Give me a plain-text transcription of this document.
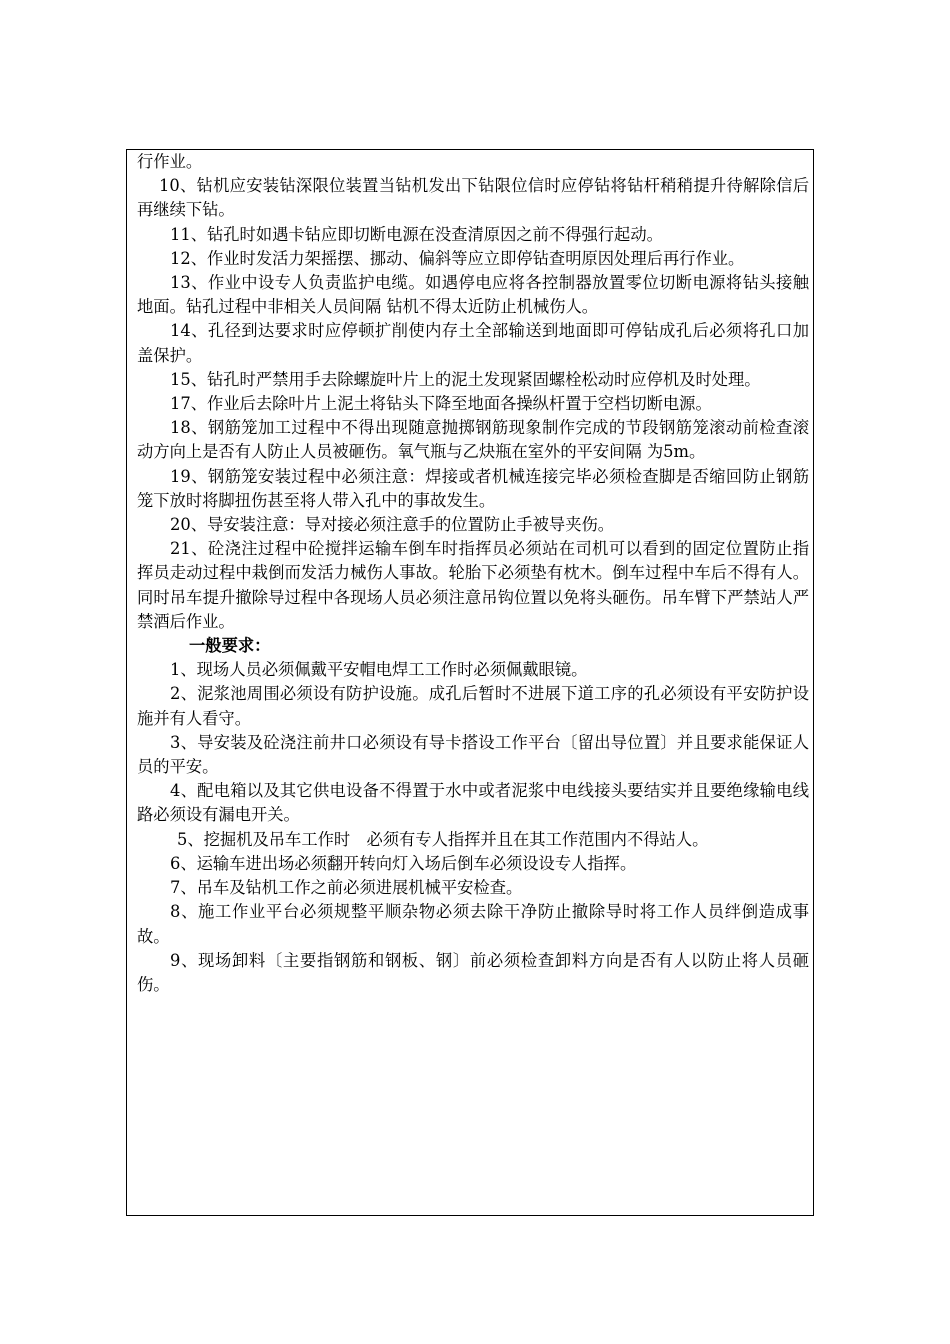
行作业。

10、钻机应安装钻深限位装置当钻机发出下钻限位信时应停钻将钻杆稍稍提升待解除信后再继续下钻。

11、钻孔时如遇卡钻应即切断电源在没查清原因之前不得强行起动。

12、作业时发活力架摇摆、挪动、偏斜等应立即停钻查明原因处理后再行作业。

13、作业中设专人负责监护电缆。如遇停电应将各控制器放置零位切断电源将钻头接触地面。钻孔过程中非相关人员间隔 钻机不得太近防止机械伤人。

14、孔径到达要求时应停顿扩削使内存土全部输送到地面即可停钻成孔后必须将孔口加盖保护。

15、钻孔时严禁用手去除螺旋叶片上的泥土发现紧固螺栓松动时应停机及时处理。

17、作业后去除叶片上泥土将钻头下降至地面各操纵杆置于空档切断电源。

18、钢筋笼加工过程中不得出现随意抛掷钢筋现象制作完成的节段钢筋笼滚动前检查滚动方向上是否有人防止人员被砸伤。氧气瓶与乙炔瓶在室外的平安间隔 为5m。

19、钢筋笼安装过程中必须注意：焊接或者机械连接完毕必须检查脚是否缩回防止钢筋笼下放时将脚扭伤甚至将人带入孔中的事故发生。

20、导安装注意：导对接必须注意手的位置防止手被导夹伤。

21、砼浇注过程中砼搅拌运输车倒车时指挥员必须站在司机可以看到的固定位置防止指挥员走动过程中栽倒而发活力械伤人事故。轮胎下必须垫有枕木。倒车过程中车后不得有人。同时吊车提升撤除导过程中各现场人员必须注意吊钩位置以免将头砸伤。吊车臂下严禁站人严禁酒后作业。

一般要求：

1、现场人员必须佩戴平安帽电焊工工作时必须佩戴眼镜。

2、泥浆池周围必须设有防护设施。成孔后暂时不进展下道工序的孔必须设有平安防护设施并有人看守。

3、导安装及砼浇注前井口必须设有导卡搭设工作平台〔留出导位置〕并且要求能保证人员的平安。

4、配电箱以及其它供电设备不得置于水中或者泥浆中电线接头要结实并且要绝缘输电线路必须设有漏电开关。

5、挖掘机及吊车工作时　必须有专人指挥并且在其工作范围内不得站人。

6、运输车进出场必须翻开转向灯入场后倒车必须设设专人指挥。

7、吊车及钻机工作之前必须进展机械平安检查。

8、施工作业平台必须规整平顺杂物必须去除干净防止撤除导时将工作人员绊倒造成事故。

9、现场卸料〔主要指钢筋和钢板、钢〕前必须检查卸料方向是否有人以防止将人员砸伤。
